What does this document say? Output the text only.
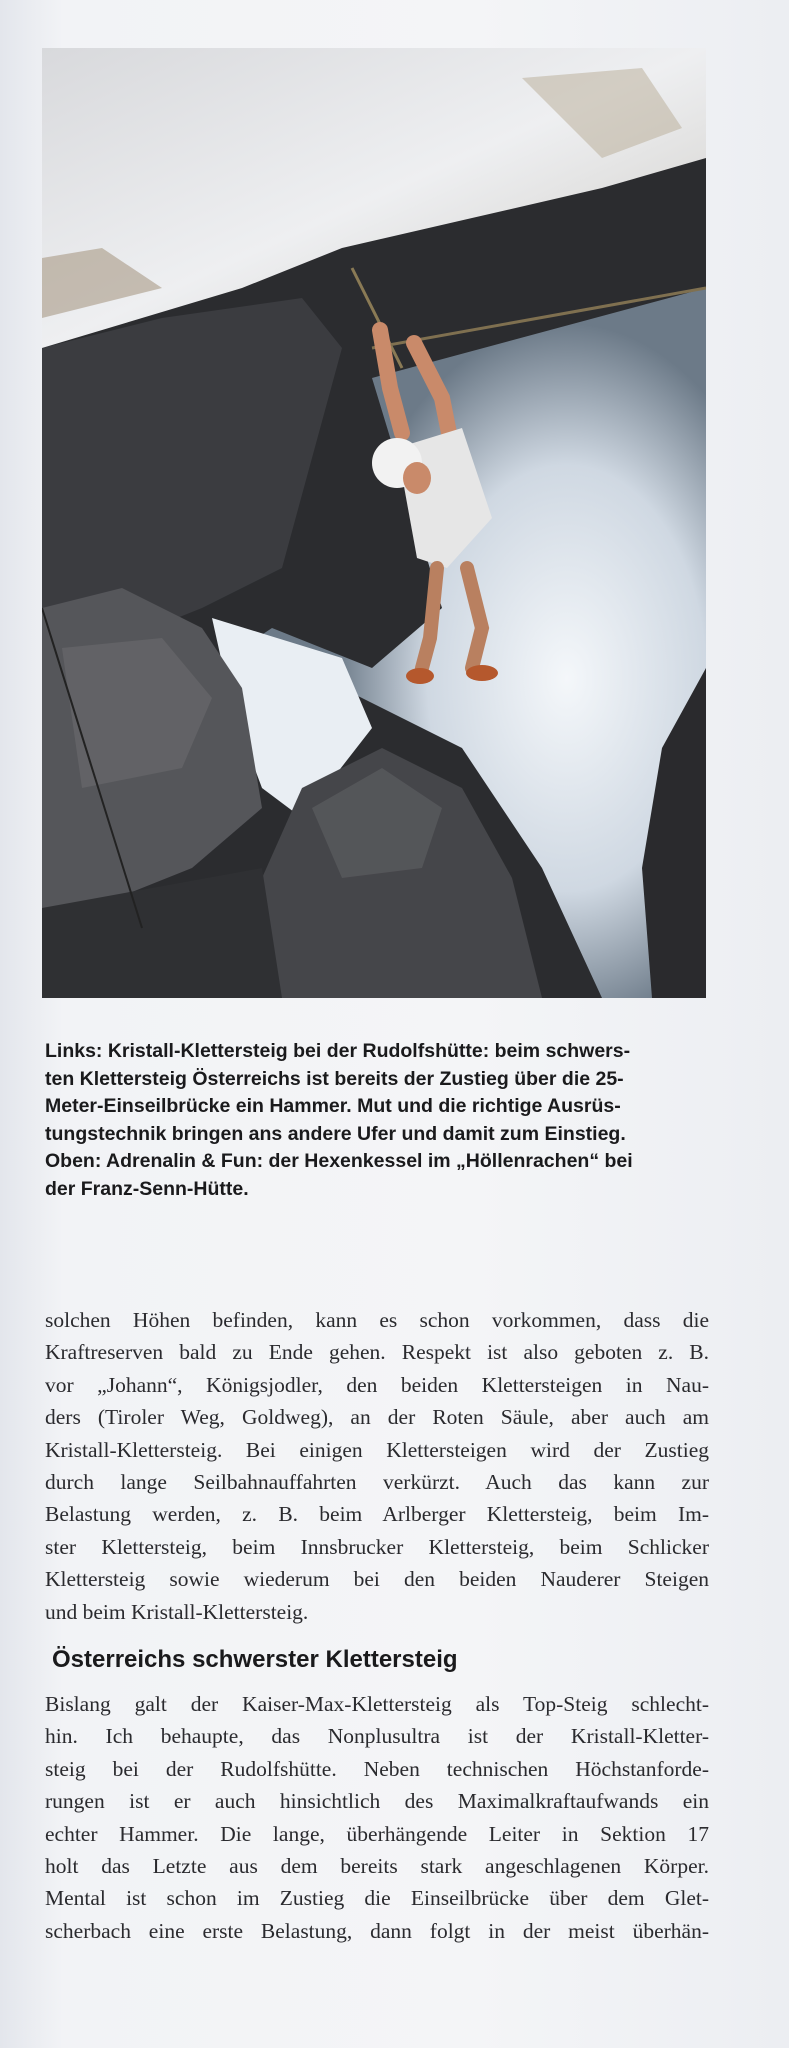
Links: Kristall-Klettersteig bei der Rudolfshütte: beim schwers-
ten Klettersteig Österreichs ist bereits der Zustieg über die 25-
Meter-Einseilbrücke ein Hammer. Mut und die richtige Ausrüs-
tungstechnik bringen ans andere Ufer und damit zum Einstieg.
Oben: Adrenalin & Fun: der Hexenkessel im „Höllenrachen“ bei
der Franz-Senn-Hütte.

solchen Höhen befinden, kann es schon vorkommen, dass die
Kraftreserven bald zu Ende gehen. Respekt ist also geboten z. B.
vor „Johann“, Königsjodler, den beiden Klettersteigen in Nau-
ders (Tiroler Weg, Goldweg), an der Roten Säule, aber auch am
Kristall-Klettersteig. Bei einigen Klettersteigen wird der Zustieg
durch lange Seilbahnauffahrten verkürzt. Auch das kann zur
Belastung werden, z. B. beim Arlberger Klettersteig, beim Im-
ster Klettersteig, beim Innsbrucker Klettersteig, beim Schlicker
Klettersteig sowie wiederum bei den beiden Nauderer Steigen
und beim Kristall-Klettersteig.

Österreichs schwerster Klettersteig

Bislang galt der Kaiser-Max-Klettersteig als Top-Steig schlecht-
hin. Ich behaupte, das Nonplusultra ist der Kristall-Kletter-
steig bei der Rudolfshütte. Neben technischen Höchstanforde-
rungen ist er auch hinsichtlich des Maximalkraftaufwands ein
echter Hammer. Die lange, überhängende Leiter in Sektion 17
holt das Letzte aus dem bereits stark angeschlagenen Körper.
Mental ist schon im Zustieg die Einseilbrücke über dem Glet-
scherbach eine erste Belastung, dann folgt in der meist überhän-
